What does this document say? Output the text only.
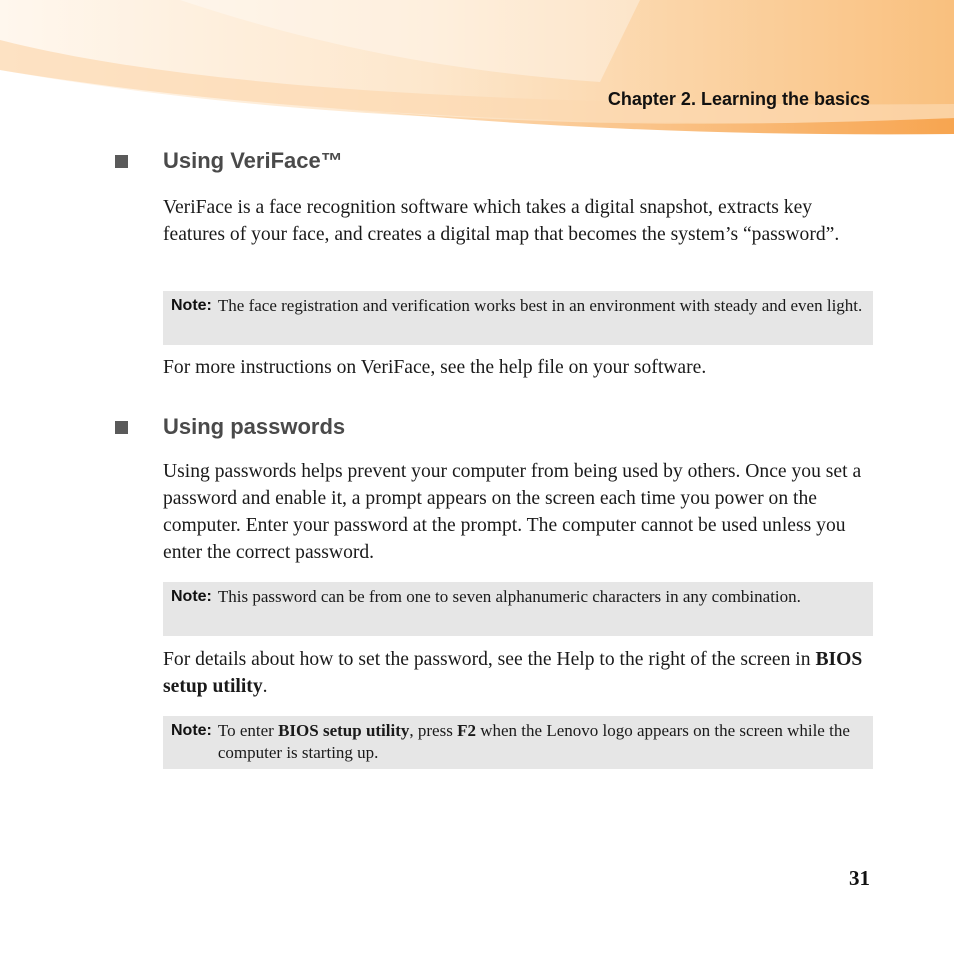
Chapter 2. Learning the basics
Using VeriFace™

VeriFace is a face recognition software which takes a digital snapshot, extracts key features of your face, and creates a digital map that becomes the system’s “password”.

Note: The face registration and verification works best in an environment with steady and even light.

For more instructions on VeriFace, see the help file on your software.

Using passwords

Using passwords helps prevent your computer from being used by others. Once you set a password and enable it, a prompt appears on the screen each time you power on the computer. Enter your password at the prompt. The computer cannot be used unless you enter the correct password.

Note: This password can be from one to seven alphanumeric characters in any combination.

For details about how to set the password, see the Help to the right of the screen in BIOS setup utility.

Note: To enter BIOS setup utility, press F2 when the Lenovo logo appears on the screen while the computer is starting up.
31
